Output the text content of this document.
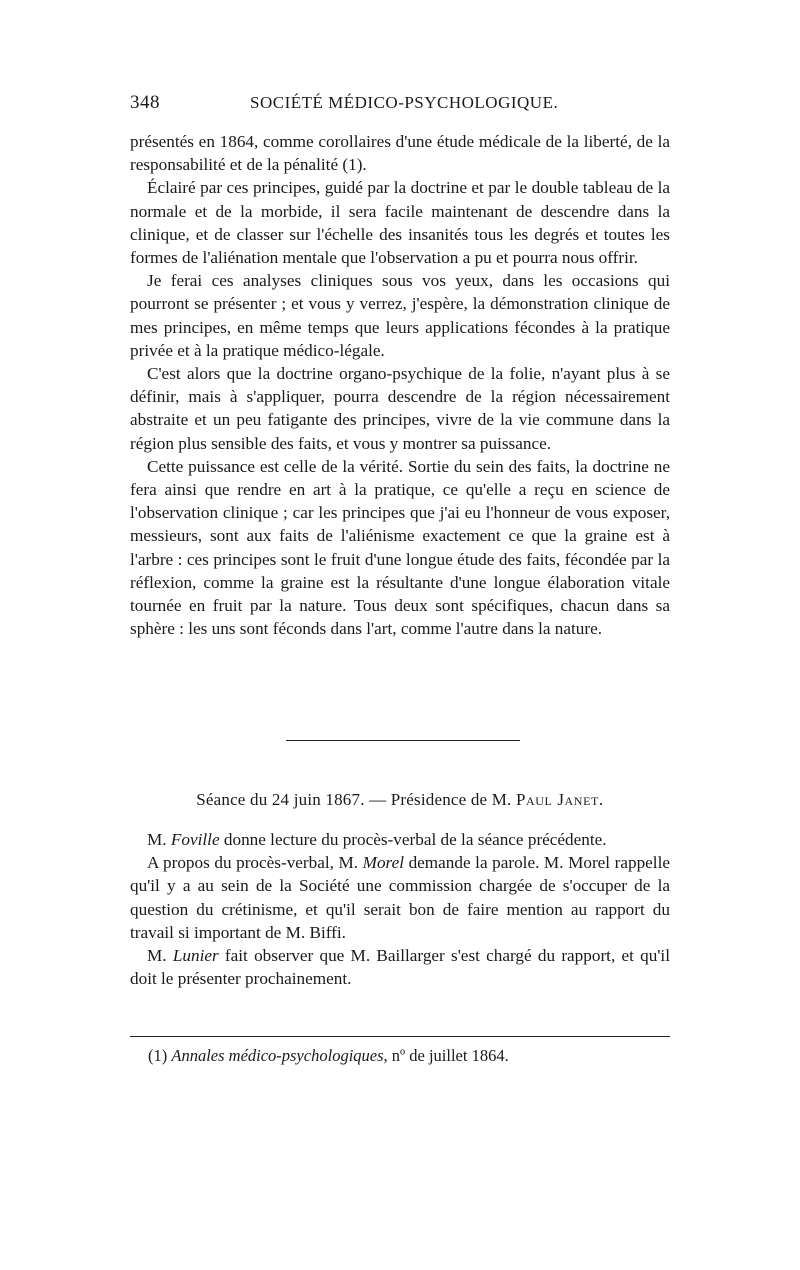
348	SOCIÉTÉ MÉDICO-PSYCHOLOGIQUE.

présentés en 1864, comme corollaires d'une étude médicale de la liberté, de la responsabilité et de la pénalité (1).

Éclairé par ces principes, guidé par la doctrine et par le double tableau de la normale et de la morbide, il sera facile maintenant de descendre dans la clinique, et de classer sur l'échelle des insanités tous les degrés et toutes les formes de l'aliénation mentale que l'observation a pu et pourra nous offrir.

Je ferai ces analyses cliniques sous vos yeux, dans les occasions qui pourront se présenter ; et vous y verrez, j'espère, la démonstration clinique de mes principes, en même temps que leurs applications fécondes à la pratique privée et à la pratique médico-légale.

C'est alors que la doctrine organo-psychique de la folie, n'ayant plus à se définir, mais à s'appliquer, pourra descendre de la région nécessairement abstraite et un peu fatigante des principes, vivre de la vie commune dans la région plus sensible des faits, et vous y montrer sa puissance.

Cette puissance est celle de la vérité. Sortie du sein des faits, la doctrine ne fera ainsi que rendre en art à la pratique, ce qu'elle a reçu en science de l'observation clinique ; car les principes que j'ai eu l'honneur de vous exposer, messieurs, sont aux faits de l'aliénisme exactement ce que la graine est à l'arbre : ces principes sont le fruit d'une longue étude des faits, fécondée par la réflexion, comme la graine est la résultante d'une longue élaboration vitale tournée en fruit par la nature. Tous deux sont spécifiques, chacun dans sa sphère : les uns sont féconds dans l'art, comme l'autre dans la nature.

Séance du 24 juin 1867. — Présidence de M. Paul Janet.

M. Foville donne lecture du procès-verbal de la séance précédente.

A propos du procès-verbal, M. Morel demande la parole. M. Morel rappelle qu'il y a au sein de la Société une commission chargée de s'occuper de la question du crétinisme, et qu'il serait bon de faire mention au rapport du travail si important de M. Biffi.

M. Lunier fait observer que M. Baillarger s'est chargé du rapport, et qu'il doit le présenter prochainement.

(1) Annales médico-psychologiques, nº de juillet 1864.
